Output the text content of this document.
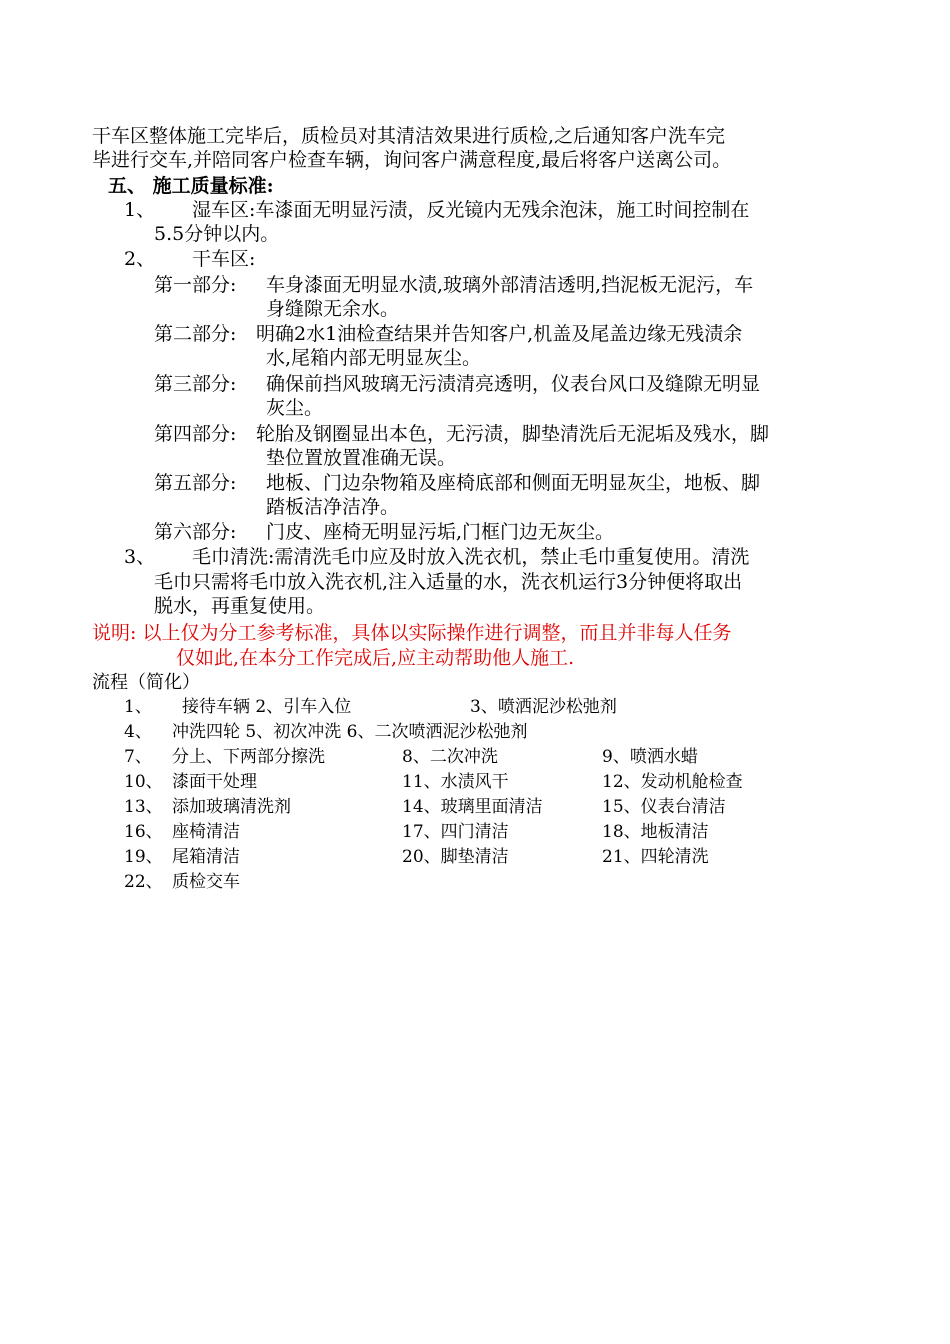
干车区整体施工完毕后，质检员对其清洁效果进行质检,之后通知客户洗车完
毕进行交车,并陪同客户检查车辆，询问客户满意程度,最后将客户送离公司。
五、 施工质量标准:
1、 湿车区:车漆面无明显污渍，反光镜内无残余泡沫，施工时间控制在
5.5分钟以内。
2、 干车区:
第一部分: 车身漆面无明显水渍,玻璃外部清洁透明,挡泥板无泥污，车
身缝隙无余水。
第二部分: 明确2水1油检查结果并告知客户,机盖及尾盖边缘无残渍余
水,尾箱内部无明显灰尘。
第三部分: 确保前挡风玻璃无污渍清亮透明，仪表台风口及缝隙无明显
灰尘。
第四部分: 轮胎及钢圈显出本色，无污渍，脚垫清洗后无泥垢及残水，脚
垫位置放置准确无误。
第五部分: 地板、门边杂物箱及座椅底部和侧面无明显灰尘，地板、脚
踏板洁净洁净。
第六部分: 门皮、座椅无明显污垢,门框门边无灰尘。
3、 毛巾清洗:需清洗毛巾应及时放入洗衣机，禁止毛巾重复使用。清洗
毛巾只需将毛巾放入洗衣机,注入适量的水，洗衣机运行3分钟便将取出
脱水，再重复使用。
说明: 以上仅为分工参考标准，具体以实际操作进行调整，而且并非每人任务
仅如此,在本分工作完成后,应主动帮助他人施工.
流程（简化）
1、 接待车辆 2、引车入位	3、喷洒泥沙松弛剂
4、 冲洗四轮 5、初次冲洗 6、二次喷洒泥沙松弛剂
7、 分上、下两部分擦洗	8、二次冲洗	9、喷洒水蜡
10、 漆面干处理	11、水渍风干	12、发动机舱检查
13、 添加玻璃清洗剂	14、玻璃里面清洁	15、仪表台清洁
16、 座椅清洁	17、四门清洁	18、地板清洁
19、 尾箱清洁	20、脚垫清洁	21、四轮清洗
22、 质检交车
